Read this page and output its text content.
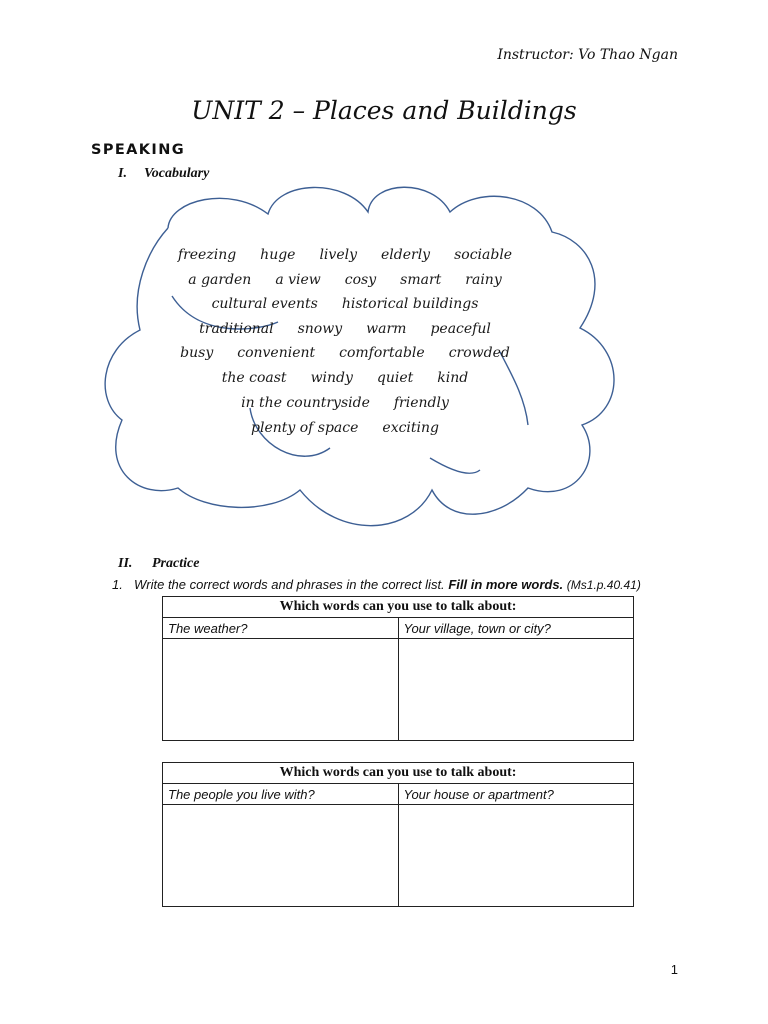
Instructor: Vo Thao Ngan
UNIT 2 – Places and Buildings
SPEAKING
I. Vocabulary
freezing huge lively elderly sociable
a garden a view cosy smart rainy
cultural events historical buildings
traditional snowy warm peaceful
busy convenient comfortable crowded
the coast windy quiet kind
in the countryside friendly
plenty of space exciting
II. Practice
1. Write the correct words and phrases in the correct list. Fill in more words. (Ms1.p.40.41)
Which words can you use to talk about:	
The weather?	Your village, town or city?

Which words can you use to talk about:	
The people you live with?	Your house or apartment?

1
